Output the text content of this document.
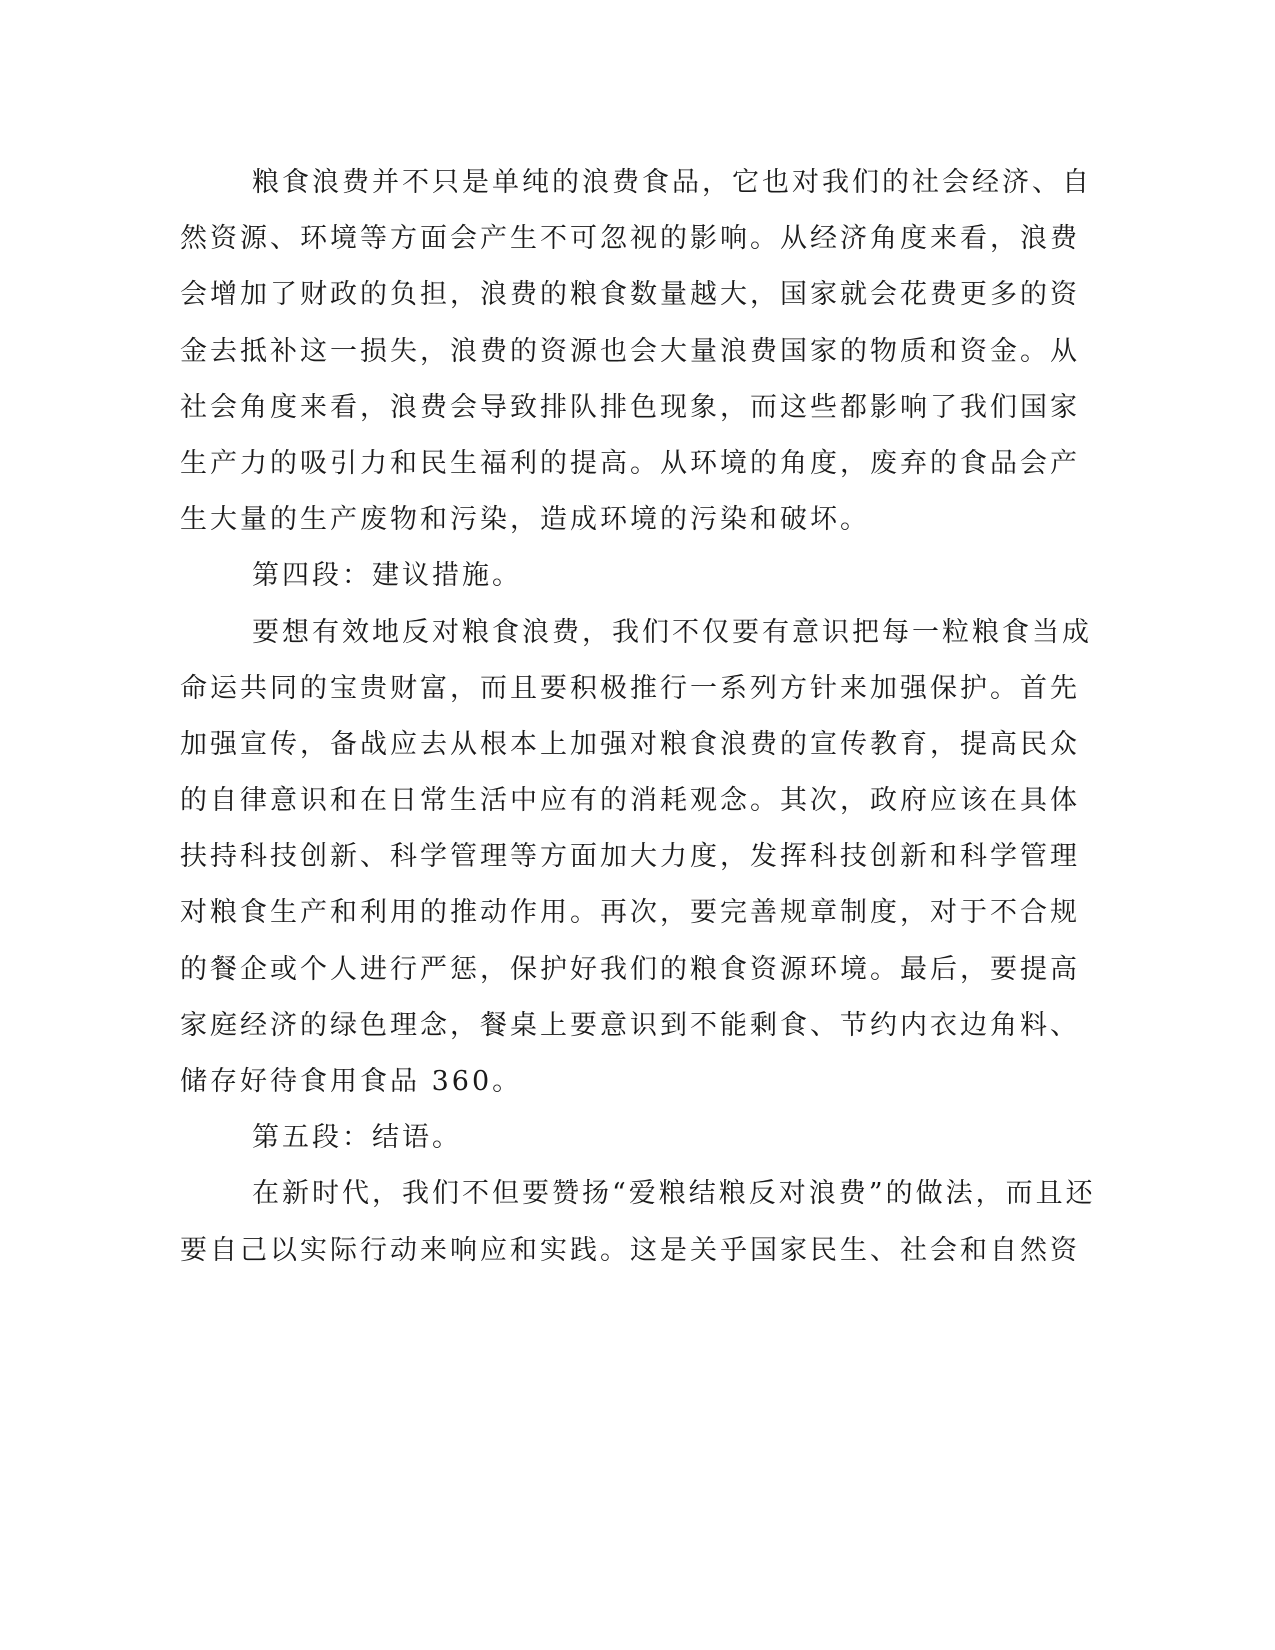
粮食浪费并不只是单纯的浪费食品，它也对我们的社会经济、自
然资源、环境等方面会产生不可忽视的影响。从经济角度来看，浪费
会增加了财政的负担，浪费的粮食数量越大，国家就会花费更多的资
金去抵补这一损失，浪费的资源也会大量浪费国家的物质和资金。从
社会角度来看，浪费会导致排队排色现象，而这些都影响了我们国家
生产力的吸引力和民生福利的提高。从环境的角度，废弃的食品会产
生大量的生产废物和污染，造成环境的污染和破坏。
第四段：建议措施。
要想有效地反对粮食浪费，我们不仅要有意识把每一粒粮食当成
命运共同的宝贵财富，而且要积极推行一系列方针来加强保护。首先
加强宣传，备战应去从根本上加强对粮食浪费的宣传教育，提高民众
的自律意识和在日常生活中应有的消耗观念。其次，政府应该在具体
扶持科技创新、科学管理等方面加大力度，发挥科技创新和科学管理
对粮食生产和利用的推动作用。再次，要完善规章制度，对于不合规
的餐企或个人进行严惩，保护好我们的粮食资源环境。最后，要提高
家庭经济的绿色理念，餐桌上要意识到不能剩食、节约内衣边角料、
储存好待食用食品 360。
第五段：结语。
在新时代，我们不但要赞扬“爱粮结粮反对浪费”的做法，而且还
要自己以实际行动来响应和实践。这是关乎国家民生、社会和自然资
